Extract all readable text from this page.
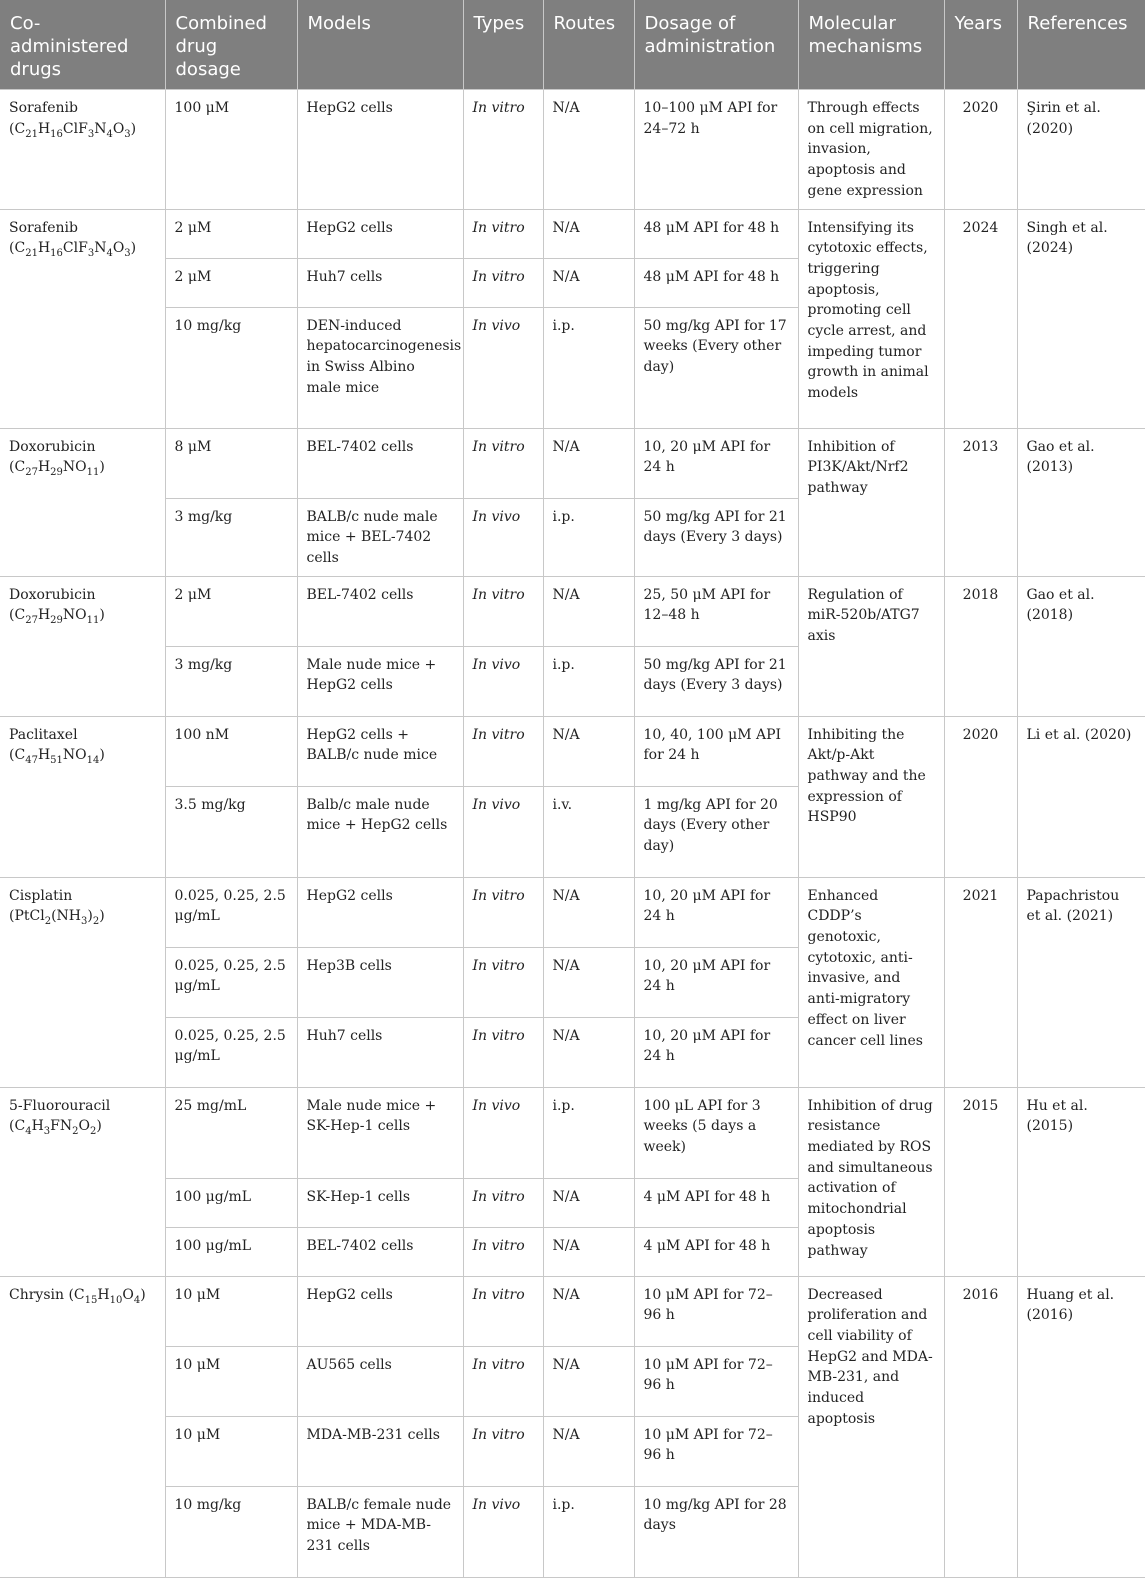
Co-administered drugs	Combined drug dosage	Models	Types	Routes	Dosage of administration	Molecular mechanisms	Years	References
Sorafenib $(C_{21}H_{16}ClF_3N_4O_3)$	100 μM	HepG2 cells	In vitro	N/A	10–100 μM API for 24–72 h	Through effects on cell migration, invasion, apoptosis and gene expression	2020	Şirin et al. (2020)
Sorafenib $(C_{21}H_{16}ClF_3N_4O_3)$	2 μM	HepG2 cells	In vitro	N/A	48 μM API for 48 h	Intensifying its cytotoxic effects, triggering apoptosis, promoting cell cycle arrest, and impeding tumor growth in animal models	2024	Singh et al. (2024)
	2 μM	Huh7 cells	In vitro	N/A	48 μM API for 48 h			
	10 mg/kg	DEN-induced hepatocarcinogenesis in Swiss Albino male mice	In vivo	i.p.	50 mg/kg API for 17 weeks (Every other day)			
Doxorubicin $(C_{27}H_{29}NO_{11})$	8 μM	BEL-7402 cells	In vitro	N/A	10, 20 μM API for 24 h	Inhibition of PI3K/Akt/Nrf2 pathway	2013	Gao et al. (2013)
	3 mg/kg	BALB/c nude male mice + BEL-7402 cells	In vivo	i.p.	50 mg/kg API for 21 days (Every 3 days)			
Doxorubicin $(C_{27}H_{29}NO_{11})$	2 μM	BEL-7402 cells	In vitro	N/A	25, 50 μM API for 12–48 h	Regulation of miR-520b/ATG7 axis	2018	Gao et al. (2018)
	3 mg/kg	Male nude mice + HepG2 cells	In vivo	i.p.	50 mg/kg API for 21 days (Every 3 days)			
Paclitaxel $(C_{47}H_{51}NO_{14})$	100 nM	HepG2 cells + BALB/c nude mice	In vitro	N/A	10, 40, 100 μM API for 24 h	Inhibiting the Akt/p-Akt pathway and the expression of HSP90	2020	Li et al. (2020)
	3.5 mg/kg	Balb/c male nude mice + HepG2 cells	In vivo	i.v.	1 mg/kg API for 20 days (Every other day)			
Cisplatin $(PtCl_2(NH_3)_2)$	0.025, 0.25, 2.5 μg/mL	HepG2 cells	In vitro	N/A	10, 20 μM API for 24 h	Enhanced CDDP’s genotoxic, cytotoxic, anti-invasive, and anti-migratory effect on liver cancer cell lines	2021	Papachristou et al. (2021)
	0.025, 0.25, 2.5 μg/mL	Hep3B cells	In vitro	N/A	10, 20 μM API for 24 h			
	0.025, 0.25, 2.5 μg/mL	Huh7 cells	In vitro	N/A	10, 20 μM API for 24 h			
5-Fluorouracil $(C_4H_3FN_2O_2)$	25 mg/mL	Male nude mice + SK-Hep-1 cells	In vivo	i.p.	100 μL API for 3 weeks (5 days a week)	Inhibition of drug resistance mediated by ROS and simultaneous activation of mitochondrial apoptosis pathway	2015	Hu et al. (2015)
	100 μg/mL	SK-Hep-1 cells	In vitro	N/A	4 μM API for 48 h			
	100 μg/mL	BEL-7402 cells	In vitro	N/A	4 μM API for 48 h			
Chrysin $(C_{15}H_{10}O_4)$	10 μM	HepG2 cells	In vitro	N/A	10 μM API for 72–96 h	Decreased proliferation and cell viability of HepG2 and MDA-MB-231, and induced apoptosis	2016	Huang et al. (2016)
	10 μM	AU565 cells	In vitro	N/A	10 μM API for 72–96 h			
	10 μM	MDA-MB-231 cells	In vitro	N/A	10 μM API for 72–96 h			
	10 mg/kg	BALB/c female nude mice + MDA-MB-231 cells	In vivo	i.p.	10 mg/kg API for 28 days			
